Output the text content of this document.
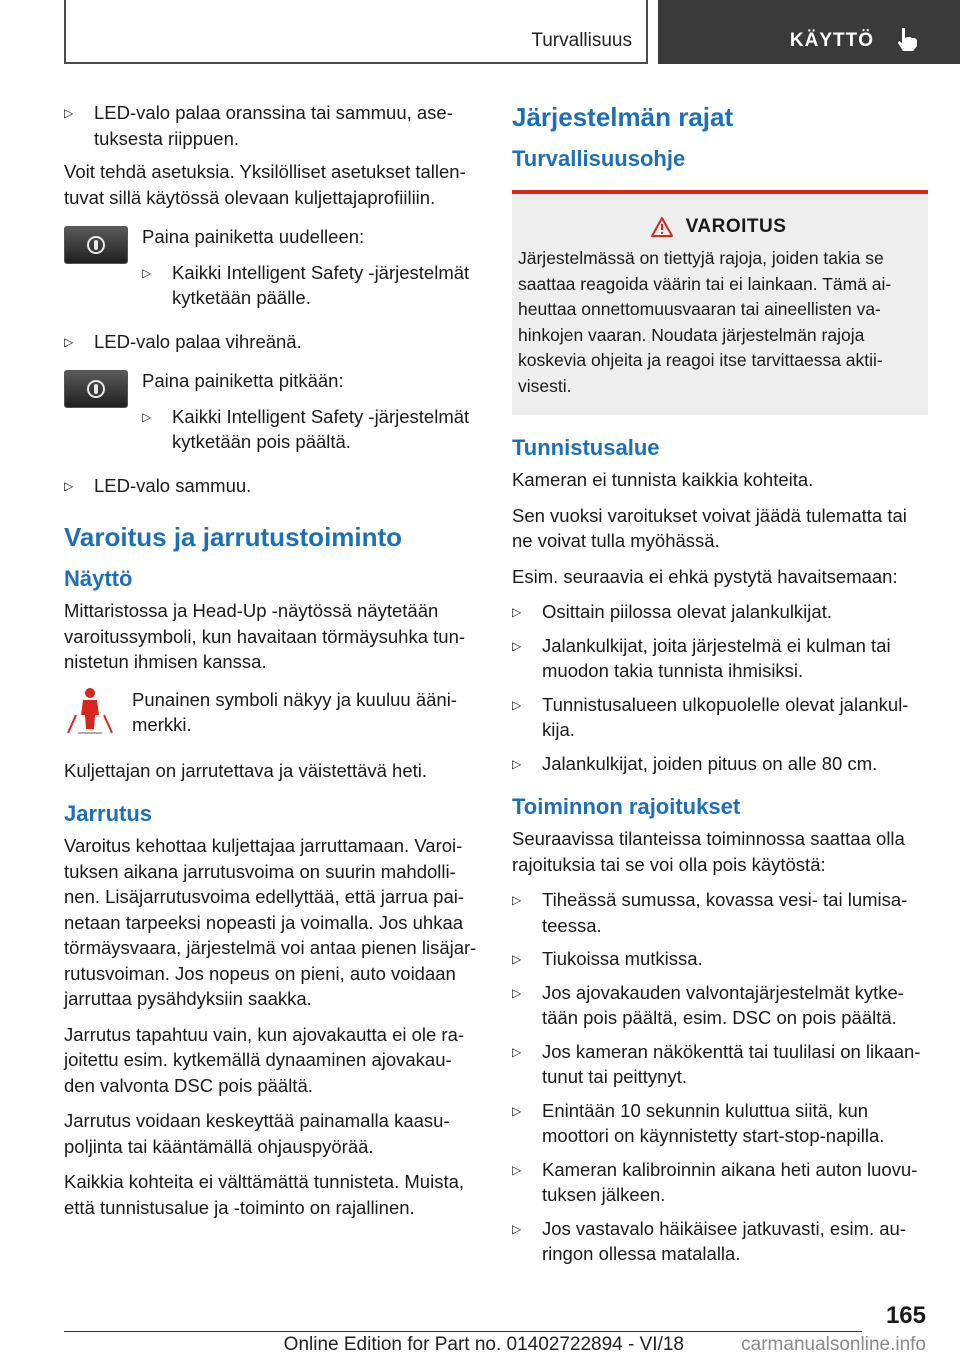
Turvallisuus	KÄYTTÖ
▷ LED-valo palaa oranssina tai sammuu, ase‐tuksesta riippuen.

Voit tehdä asetuksia. Yksilölliset asetukset tallen‐tuvat sillä käytössä olevaan kuljettajaprofiiliin.

Paina painiketta uudelleen:

▷ Kaikki Intelligent Safety -järjestelmät kytketään päälle.
▷ LED-valo palaa vihreänä.

Paina painiketta pitkään:

▷ Kaikki Intelligent Safety -järjestelmät kytketään pois päältä.
▷ LED-valo sammuu.
Varoitus ja jarrutustoiminto
Näyttö

Mittaristossa ja Head-Up -näytössä näytetään varoitussymboli, kun havaitaan törmäysuhka tun‐nistetun ihmisen kanssa.

Punainen symboli näkyy ja kuuluu ääni‐merkki.

Kuljettajan on jarrutettava ja väistettävä heti.

Jarrutus

Varoitus kehottaa kuljettajaa jarruttamaan. Varoi‐tuksen aikana jarrutusvoima on suurin mahdolli‐nen. Lisäjarrutusvoima edellyttää, että jarrua pai‐netaan tarpeeksi nopeasti ja voimalla. Jos uhkaa törmäysvaara, järjestelmä voi antaa pienen lisäjar‐rutusvoiman. Jos nopeus on pieni, auto voidaan jarruttaa pysähdyksiin saakka.

Jarrutus tapahtuu vain, kun ajovakautta ei ole ra‐joitettu esim. kytkemällä dynaaminen ajovakau‐den valvonta DSC pois päältä.

Jarrutus voidaan keskeyttää painamalla kaasu‐poljinta tai kääntämällä ohjauspyörää.

Kaikkia kohteita ei välttämättä tunnisteta. Muista, että tunnistusalue ja -toiminto on rajallinen.

Järjestelmän rajat
Turvallisuusohje
VAROITUS

Järjestelmässä on tiettyjä rajoja, joiden takia se saattaa reagoida väärin tai ei lainkaan. Tämä ai‐heuttaa onnettomuusvaaran tai aineellisten va‐hinkojen vaaran. Noudata järjestelmän rajoja koskevia ohjeita ja reagoi itse tarvittaessa aktii‐visesti.

Tunnistusalue

Kameran ei tunnista kaikkia kohteita.

Sen vuoksi varoitukset voivat jäädä tulematta tai ne voivat tulla myöhässä.

Esim. seuraavia ei ehkä pystytä havaitsemaan:

▷ Osittain piilossa olevat jalankulkijat.
▷ Jalankulkijat, joita järjestelmä ei kulman tai muodon takia tunnista ihmisiksi.
▷ Tunnistusalueen ulkopuolelle olevat jalankul‐kija.
▷ Jalankulkijat, joiden pituus on alle 80 cm.
Toiminnon rajoitukset

Seuraavissa tilanteissa toiminnossa saattaa olla rajoituksia tai se voi olla pois käytöstä:

▷ Tiheässä sumussa, kovassa vesi- tai lumisa‐teessa.
▷ Tiukoissa mutkissa.
▷ Jos ajovakauden valvontajärjestelmät kytke‐tään pois päältä, esim. DSC on pois päältä.
▷ Jos kameran näkökenttä tai tuulilasi on likaan‐tunut tai peittynyt.
▷ Enintään 10 sekunnin kuluttua siitä, kun moottori on käynnistetty start-stop-napilla.
▷ Kameran kalibroinnin aikana heti auton luovu‐tuksen jälkeen.
▷ Jos vastavalo häikäisee jatkuvasti, esim. au‐ringon ollessa matalalla.
165
Online Edition for Part no. 01402722894 - VI/18	carmanualsonline.info
